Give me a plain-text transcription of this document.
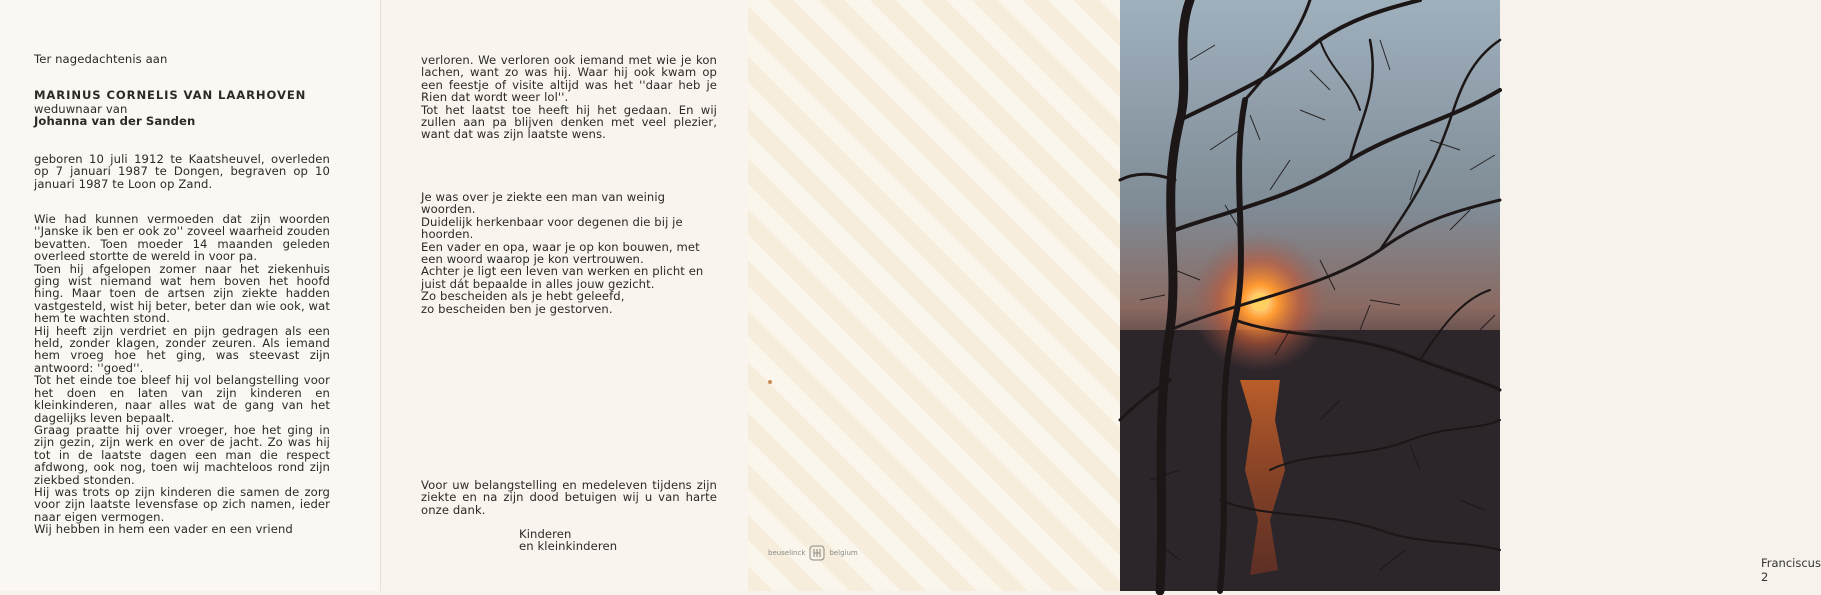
Ter nagedachtenis aan
MARINUS CORNELIS VAN LAARHOVEN
weduwnaar van
Johanna van der Sanden
geboren 10 juli 1912 te Kaatsheuvel, overleden op 7 januari 1987 te Dongen, begraven op 10 januari 1987 te Loon op Zand.
Wie had kunnen vermoeden dat zijn woorden ''Janske ik ben er ook zo'' zoveel waarheid zouden bevatten. Toen moeder 14 maanden geleden overleed stortte de wereld in voor pa.
Toen hij afgelopen zomer naar het ziekenhuis ging wist niemand wat hem boven het hoofd hing. Maar toen de artsen zijn ziekte hadden vastgesteld, wist hij beter, beter dan wie ook, wat hem te wachten stond.
Hij heeft zijn verdriet en pijn gedragen als een held, zonder klagen, zonder zeuren. Als iemand hem vroeg hoe het ging, was steevast zijn antwoord: ''goed''.
Tot het einde toe bleef hij vol belangstelling voor het doen en laten van zijn kinderen en kleinkinderen, naar alles wat de gang van het dagelijks leven bepaalt.
Graag praatte hij over vroeger, hoe het ging in zijn gezin, zijn werk en over de jacht. Zo was hij tot in de laatste dagen een man die respect afdwong, ook nog, toen wij machteloos rond zijn ziekbed stonden.
Hij was trots op zijn kinderen die samen de zorg voor zijn laatste levensfase op zich namen, ieder naar eigen vermogen.
Wij hebben in hem een vader en een vriend
verloren. We verloren ook iemand met wie je kon lachen, want zo was hij. Waar hij ook kwam op een feestje of visite altijd was het ''daar heb je Rien dat wordt weer lol''.
Tot het laatst toe heeft hij het gedaan. En wij zullen aan pa blijven denken met veel plezier, want dat was zijn laatste wens.
Je was over je ziekte een man van weinig woorden.
Duidelijk herkenbaar voor degenen die bij je hoorden.
Een vader en opa, waar je op kon bouwen, met een woord waarop je kon vertrouwen.
Achter je ligt een leven van werken en plicht en juist dát bepaalde in alles jouw gezicht.
Zo bescheiden als je hebt geleefd,
zo bescheiden ben je gestorven.
Voor uw belangstelling en medeleven tijdens zijn ziekte en na zijn dood betuigen wij u van harte onze dank.
Kinderen
en kleinkinderen	beuselinck	belgium
Franciscus 2
